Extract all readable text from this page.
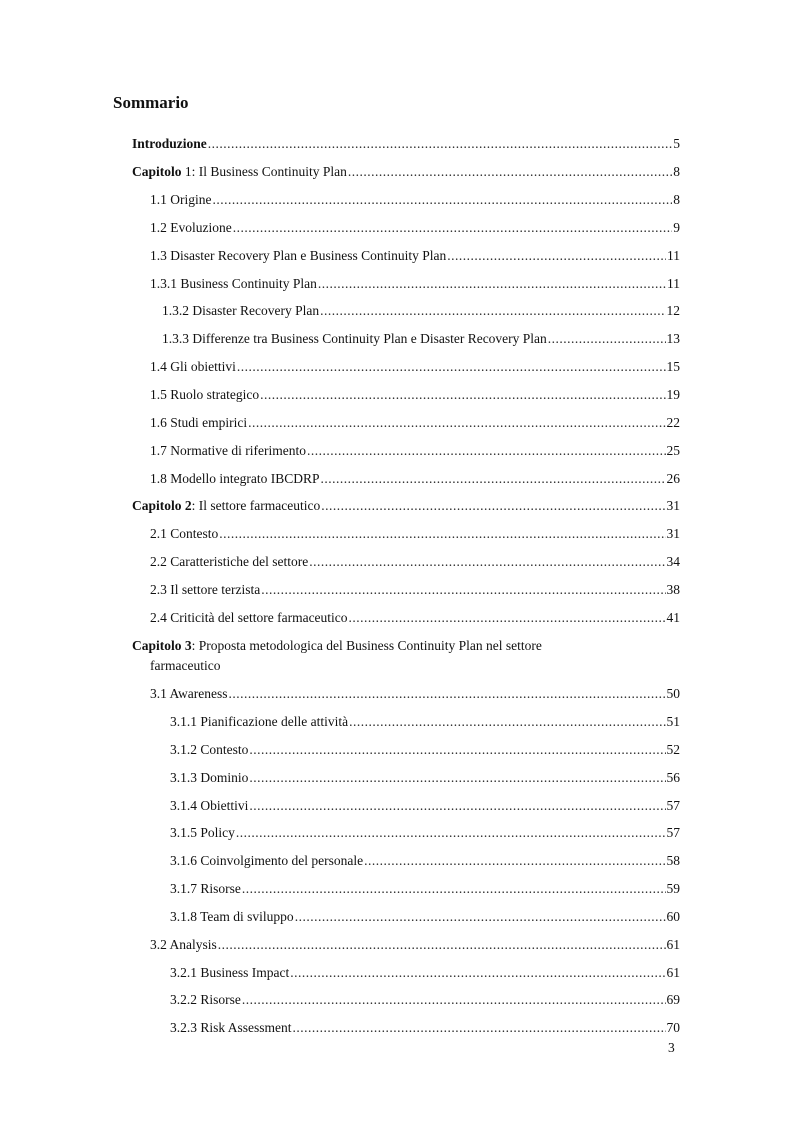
Sommario
Introduzione .....	5
Capitolo 1: Il Business Continuity Plan .....	8
1.1 Origine .....	8
1.2 Evoluzione .....	9
1.3 Disaster Recovery Plan e Business Continuity Plan .....	11
1.3.1 Business Continuity Plan .....	11
1.3.2 Disaster Recovery Plan .....	12
1.3.3 Differenze tra Business Continuity Plan e Disaster Recovery Plan .....	13
1.4 Gli obiettivi .....	15
1.5 Ruolo strategico .....	19
1.6 Studi empirici .....	22
1.7 Normative di riferimento .....	25
1.8 Modello integrato IBCDRP .....	26
Capitolo 2: Il settore farmaceutico .....	31
2.1 Contesto .....	31
2.2 Caratteristiche del settore .....	34
2.3 Il settore terzista .....	38
2.4 Criticità del settore farmaceutico .....	41
Capitolo 3: Proposta metodologica del Business Continuity Plan nel settore
farmaceutico
3.1 Awareness .....	50
3.1.1 Pianificazione delle attività .....	51
3.1.2 Contesto .....	52
3.1.3 Dominio .....	56
3.1.4 Obiettivi .....	57
3.1.5 Policy .....	57
3.1.6 Coinvolgimento del personale .....	58
3.1.7 Risorse .....	59
3.1.8 Team di sviluppo .....	60
3.2 Analysis .....	61
3.2.1 Business Impact .....	61
3.2.2 Risorse .....	69
3.2.3 Risk Assessment .....	70
3
